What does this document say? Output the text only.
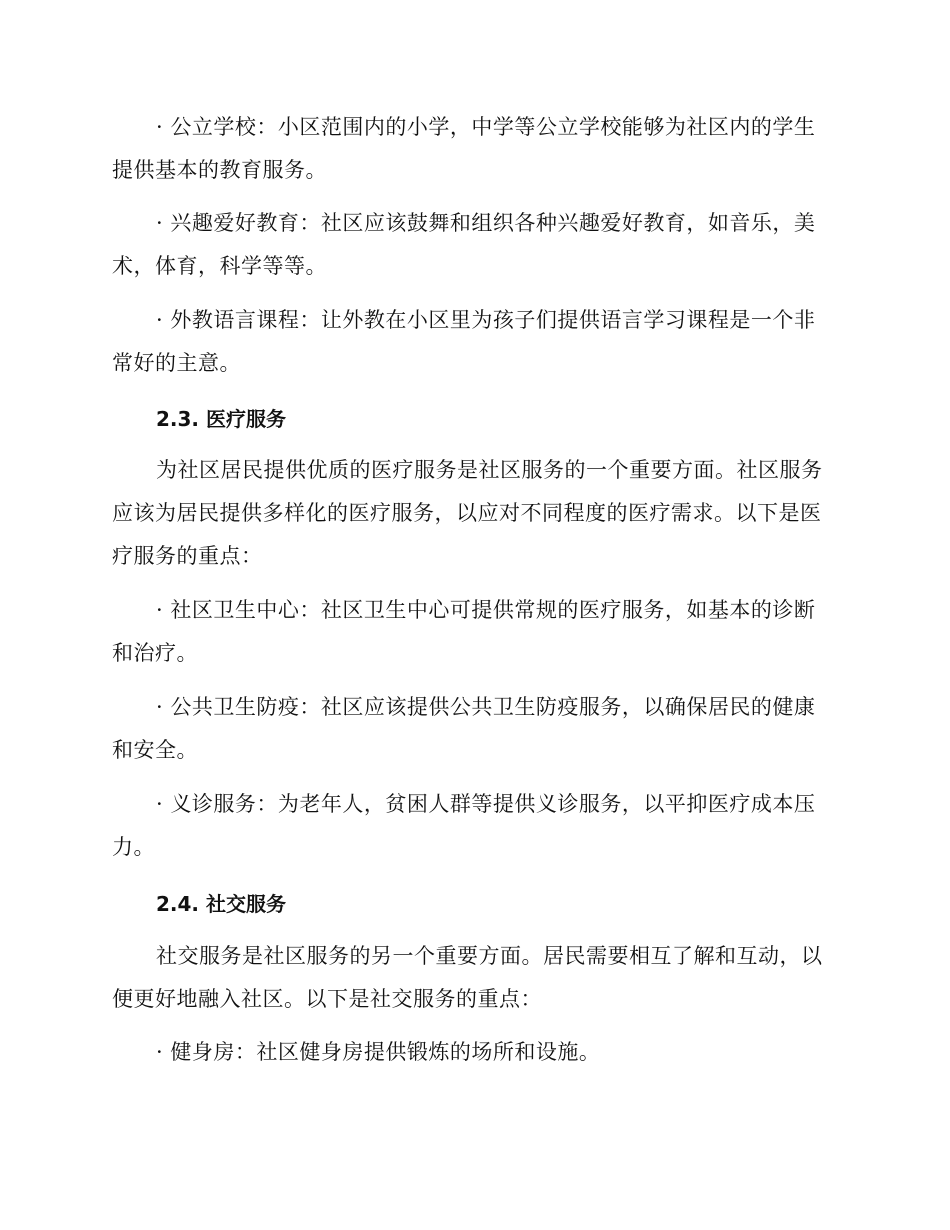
· 公立学校：小区范围内的小学，中学等公立学校能够为社区内的学生提供基本的教育服务。

· 兴趣爱好教育：社区应该鼓舞和组织各种兴趣爱好教育，如音乐，美术，体育，科学等等。

· 外教语言课程：让外教在小区里为孩子们提供语言学习课程是一个非常好的主意。

2.3. 医疗服务

为社区居民提供优质的医疗服务是社区服务的一个重要方面。社区服务应该为居民提供多样化的医疗服务，以应对不同程度的医疗需求。以下是医疗服务的重点：

· 社区卫生中心：社区卫生中心可提供常规的医疗服务，如基本的诊断和治疗。

· 公共卫生防疫：社区应该提供公共卫生防疫服务，以确保居民的健康和安全。

· 义诊服务：为老年人，贫困人群等提供义诊服务，以平抑医疗成本压力。

2.4. 社交服务

社交服务是社区服务的另一个重要方面。居民需要相互了解和互动，以便更好地融入社区。以下是社交服务的重点：

· 健身房：社区健身房提供锻炼的场所和设施。
